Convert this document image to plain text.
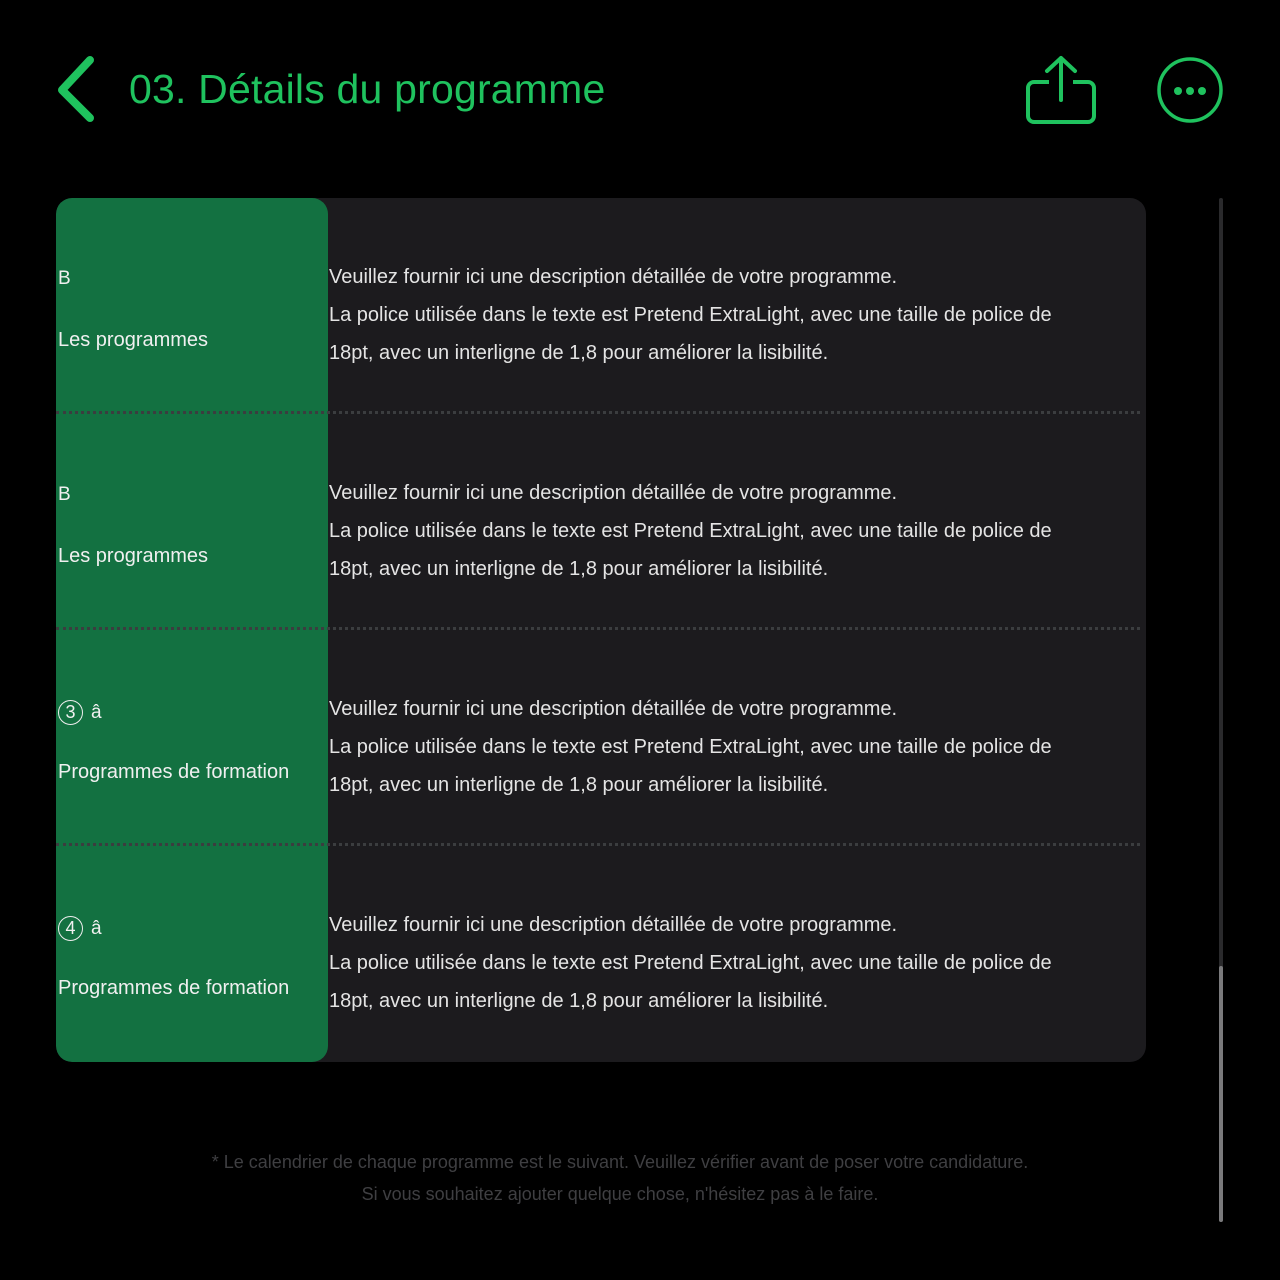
03. Détails du programme
B
Les programmes
Veuillez fournir ici une description détaillée de votre programme.
La police utilisée dans le texte est Pretend ExtraLight, avec une taille de police de
18pt, avec un interligne de 1,8 pour améliorer la lisibilité.
B
Les programmes
Veuillez fournir ici une description détaillée de votre programme.
La police utilisée dans le texte est Pretend ExtraLight, avec une taille de police de
18pt, avec un interligne de 1,8 pour améliorer la lisibilité.
3 â
Programmes de formation
Veuillez fournir ici une description détaillée de votre programme.
La police utilisée dans le texte est Pretend ExtraLight, avec une taille de police de
18pt, avec un interligne de 1,8 pour améliorer la lisibilité.
4 â
Programmes de formation
Veuillez fournir ici une description détaillée de votre programme.
La police utilisée dans le texte est Pretend ExtraLight, avec une taille de police de
18pt, avec un interligne de 1,8 pour améliorer la lisibilité.
* Le calendrier de chaque programme est le suivant. Veuillez vérifier avant de poser votre candidature.
Si vous souhaitez ajouter quelque chose, n'hésitez pas à le faire.
